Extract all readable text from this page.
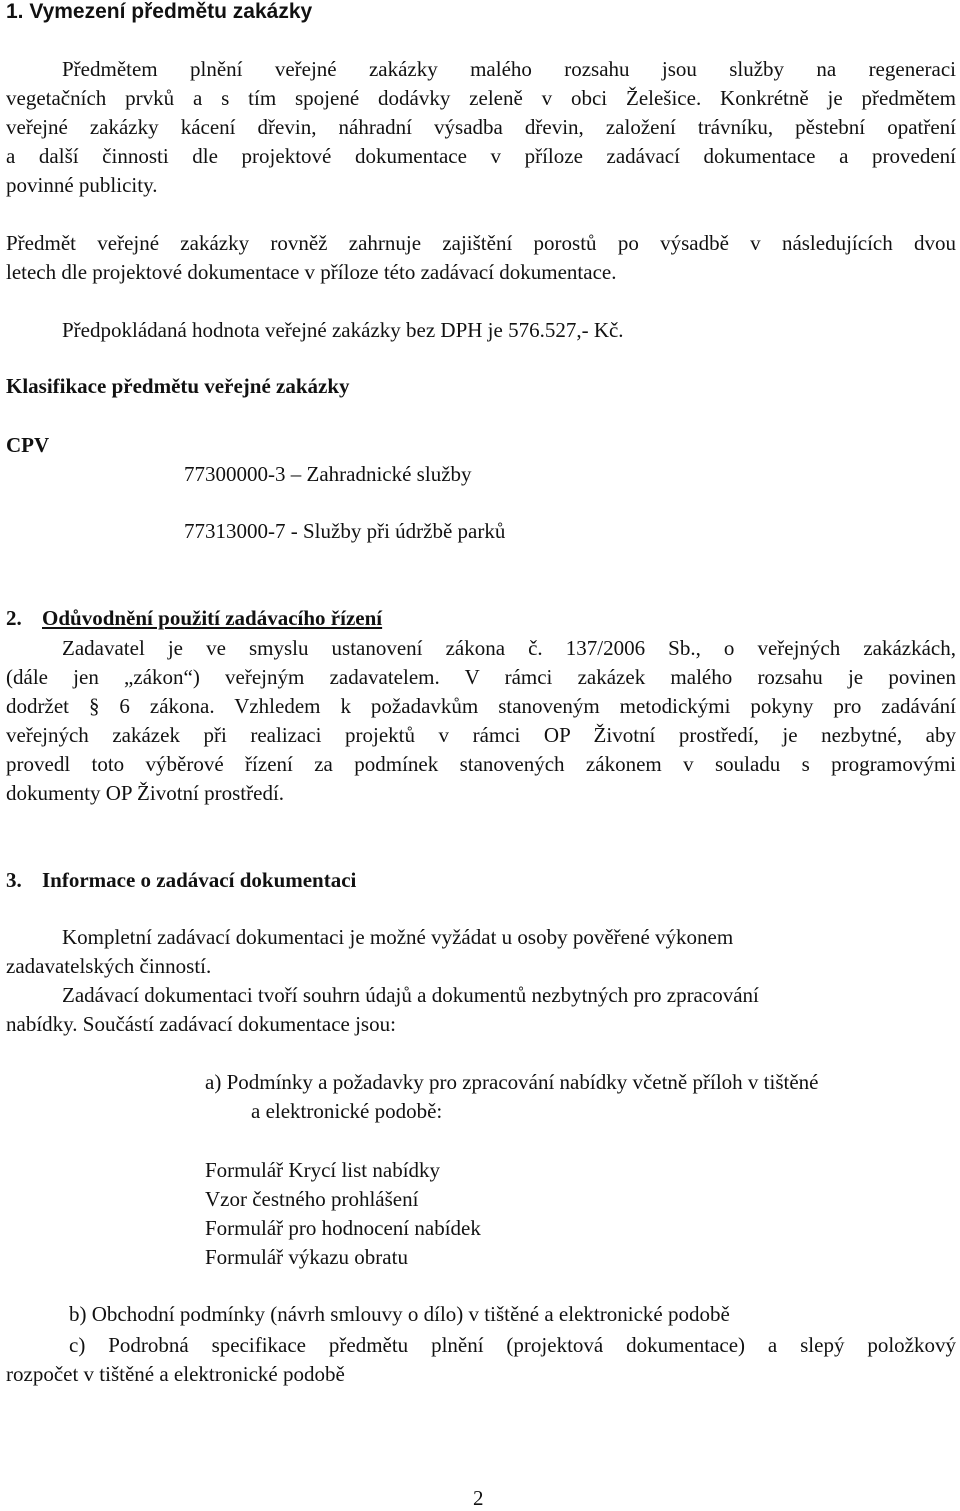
1. Vymezení předmětu zakázky

Předmětem plnění veřejné zakázky malého rozsahu jsou služby na regeneraci
vegetačních prvků a s tím spojené dodávky zeleně v obci Želešice. Konkrétně je předmětem
veřejné zakázky kácení dřevin, náhradní výsadba dřevin, založení trávníku, pěstební opatření
a další činnosti dle projektové dokumentace v příloze zadávací dokumentace a provedení
povinné publicity.

Předmět veřejné zakázky rovněž zahrnuje zajištění porostů po výsadbě v následujících dvou
letech dle projektové dokumentace v příloze této zadávací dokumentace.

Předpokládaná hodnota veřejné zakázky bez DPH je 576.527,- Kč.

Klasifikace předmětu veřejné zakázky

CPV

77300000-3 – Zahradnické služby

77313000-7 - Služby při údržbě parků

2. Odůvodnění použití zadávacího řízení

Zadavatel je ve smyslu ustanovení zákona č. 137/2006 Sb., o veřejných zakázkách,
(dále jen „zákon“) veřejným zadavatelem. V rámci zakázek malého rozsahu je povinen
dodržet § 6 zákona. Vzhledem k požadavkům stanoveným metodickými pokyny pro zadávání
veřejných zakázek při realizaci projektů v rámci OP Životní prostředí, je nezbytné, aby
provedl toto výběrové řízení za podmínek stanovených zákonem v souladu s programovými
dokumenty OP Životní prostředí.

3. Informace o zadávací dokumentaci

Kompletní zadávací dokumentaci je možné vyžádat u osoby pověřené výkonem

zadavatelských činností.

Zadávací dokumentaci tvoří souhrn údajů a dokumentů nezbytných pro zpracování

nabídky. Součástí zadávací dokumentace jsou:

a) Podmínky a požadavky pro zpracování nabídky včetně příloh v tištěné

a elektronické podobě:

Formulář Krycí list nabídky
Vzor čestného prohlášení
Formulář pro hodnocení nabídek
Formulář výkazu obratu

b) Obchodní podmínky (návrh smlouvy o dílo) v tištěné a elektronické podobě

c) Podrobná specifikace předmětu plnění (projektová dokumentace) a slepý položkový
rozpočet v tištěné a elektronické podobě

2
